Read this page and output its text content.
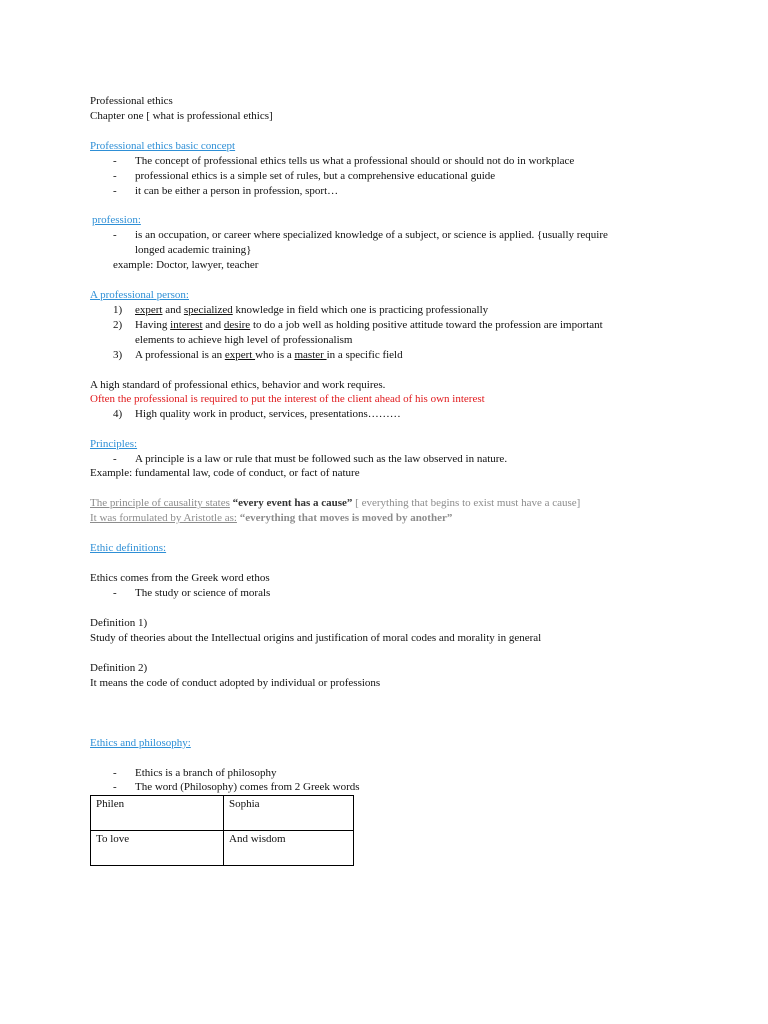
Professional ethics
Chapter one [ what is professional ethics]
Professional ethics basic concept
- The concept of professional ethics tells us what a professional should or should not do in workplace
- professional ethics is a simple set of rules, but a comprehensive educational guide
- it can be either a person in profession, sport…
profession:
- is an occupation, or career where specialized knowledge of a subject, or science is applied. {usually require
longed academic training}
example: Doctor, lawyer, teacher
A professional person:
1) expert and specialized knowledge in field which one is practicing professionally
2) Having interest and desire to do a job well as holding positive attitude toward the profession are important
elements to achieve high level of professionalism
3) A professional is an expert who is a master in a specific field
A high standard of professional ethics, behavior and work requires.
Often the professional is required to put the interest of the client ahead of his own interest
4) High quality work in product, services, presentations………
Principles:
- A principle is a law or rule that must be followed such as the law observed in nature.
Example: fundamental law, code of conduct, or fact of nature
The principle of causality states “every event has a cause” [ everything that begins to exist must have a cause]
It was formulated by Aristotle as: “everything that moves is moved by another”
Ethic definitions:
Ethics comes from the Greek word ethos
- The study or science of morals
Definition 1)
Study of theories about the Intellectual origins and justification of moral codes and morality in general
Definition 2)
It means the code of conduct adopted by individual or professions
Ethics and philosophy:
- Ethics is a branch of philosophy
- The word (Philosophy) comes from 2 Greek words
Philen	Sophia
To love	And wisdom
